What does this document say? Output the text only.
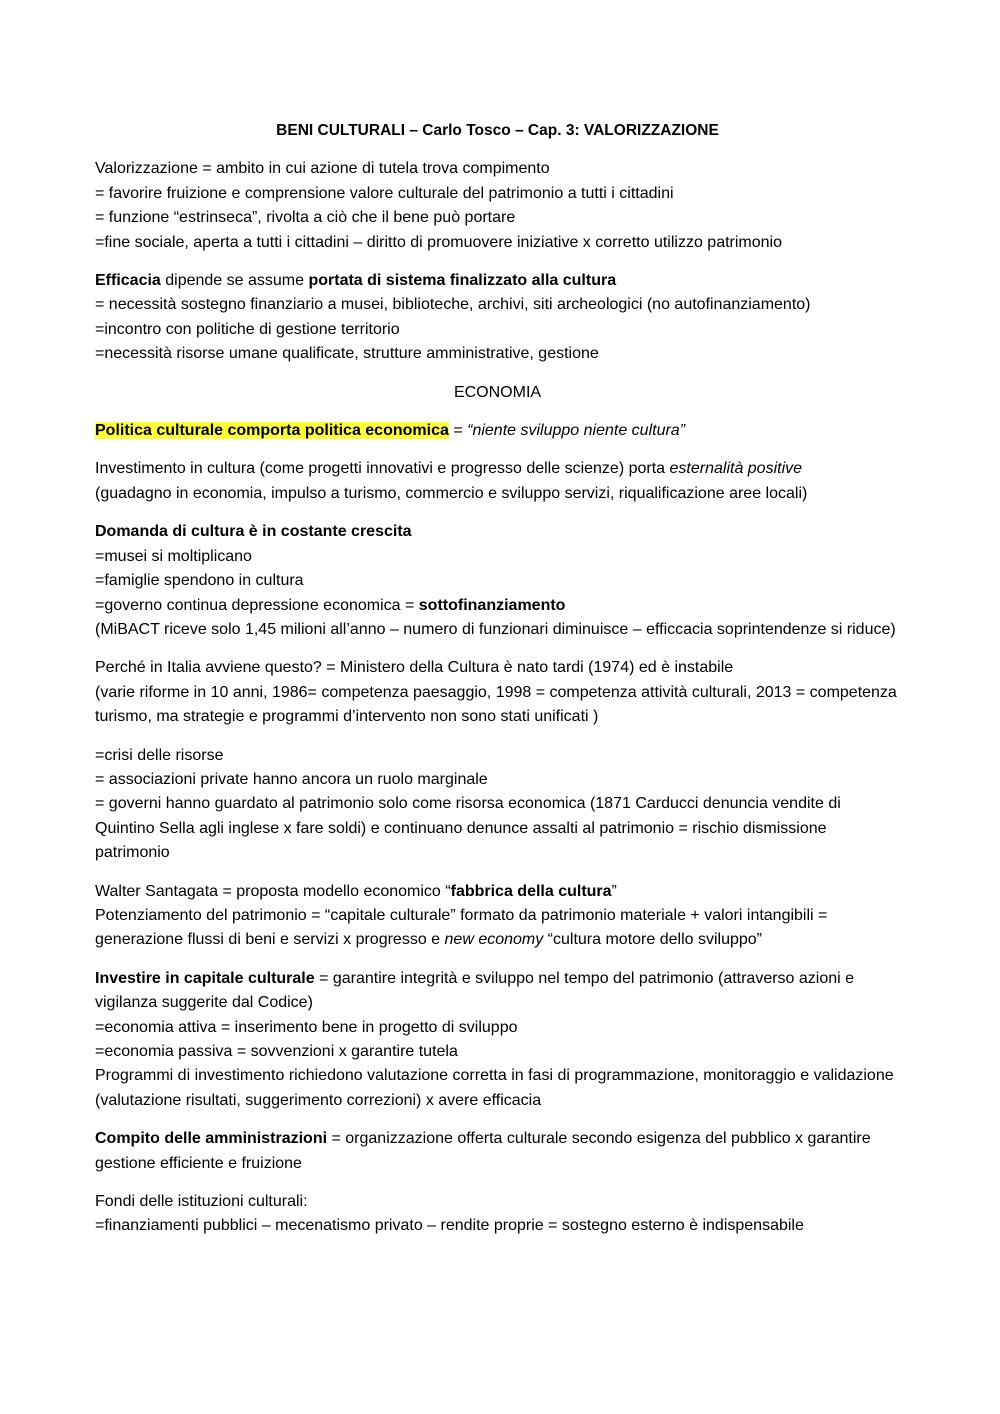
BENI CULTURALI – Carlo Tosco – Cap. 3: VALORIZZAZIONE

Valorizzazione = ambito in cui azione di tutela trova compimento
= favorire fruizione e comprensione valore culturale del patrimonio a tutti i cittadini
= funzione “estrinseca”, rivolta a ciò che il bene può portare
=fine sociale, aperta a tutti i cittadini – diritto di promuovere iniziative x corretto utilizzo patrimonio

Efficacia dipende se assume portata di sistema finalizzato alla cultura
= necessità sostegno finanziario a musei, biblioteche, archivi, siti archeologici (no autofinanziamento)
=incontro con politiche di gestione territorio
=necessità risorse umane qualificate, strutture amministrative, gestione

ECONOMIA

Politica culturale comporta politica economica = “niente sviluppo niente cultura”

Investimento in cultura (come progetti innovativi e progresso delle scienze) porta esternalità positive
(guadagno in economia, impulso a turismo, commercio e sviluppo servizi, riqualificazione aree locali)

Domanda di cultura è in costante crescita
=musei si moltiplicano
=famiglie spendono in cultura
=governo continua depressione economica = sottofinanziamento
(MiBACT riceve solo 1,45 milioni all’anno – numero di funzionari diminuisce – efficcacia soprintendenze si riduce)

Perché in Italia avviene questo? = Ministero della Cultura è nato tardi (1974) ed è instabile
(varie riforme in 10 anni, 1986= competenza paesaggio, 1998 = competenza attività culturali, 2013 = competenza turismo, ma strategie e programmi d’intervento non sono stati unificati )

=crisi delle risorse
= associazioni private hanno ancora un ruolo marginale
= governi hanno guardato al patrimonio solo come risorsa economica (1871 Carducci denuncia vendite di Quintino Sella agli inglese x fare soldi) e continuano denunce assalti al patrimonio = rischio dismissione patrimonio

Walter Santagata = proposta modello economico “fabbrica della cultura”
Potenziamento del patrimonio = “capitale culturale” formato da patrimonio materiale + valori intangibili = generazione flussi di beni e servizi x progresso e new economy “cultura motore dello sviluppo”

Investire in capitale culturale = garantire integrità e sviluppo nel tempo del patrimonio (attraverso azioni e vigilanza suggerite dal Codice)
=economia attiva = inserimento bene in progetto di sviluppo
=economia passiva = sovvenzioni x garantire tutela
Programmi di investimento richiedono valutazione corretta in fasi di programmazione, monitoraggio e validazione (valutazione risultati, suggerimento correzioni) x avere efficacia

Compito delle amministrazioni = organizzazione offerta culturale secondo esigenza del pubblico x garantire gestione efficiente e fruizione

Fondi delle istituzioni culturali:
=finanziamenti pubblici – mecenatismo privato – rendite proprie = sostegno esterno è indispensabile
